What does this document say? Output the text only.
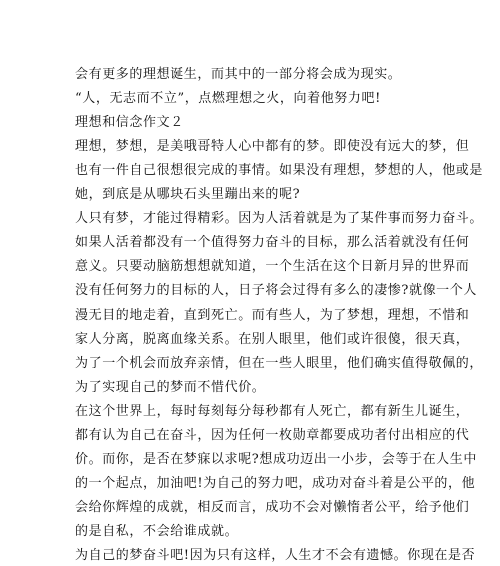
会有更多的理想诞生，而其中的一部分将会成为现实。
“人，无志而不立”，点燃理想之火，向着他努力吧!
理想和信念作文２
理想，梦想，是美哦哥特人心中都有的梦。即使没有远大的梦，但
也有一件自己很想很完成的事情。如果没有理想，梦想的人，他或是
她，到底是从哪块石头里蹦出来的呢?
人只有梦，才能过得精彩。因为人活着就是为了某件事而努力奋斗。
如果人活着都没有一个值得努力奋斗的目标，那么活着就没有任何
意义。只要动脑筋想想就知道，一个生活在这个日新月异的世界而
没有任何努力的目标的人，日子将会过得有多么的凄惨?就像一个人
漫无目的地走着，直到死亡。而有些人，为了梦想，理想，不惜和
家人分离，脱离血缘关系。在别人眼里，他们或许很傻，很天真，
为了一个机会而放弃亲情，但在一些人眼里，他们确实值得敬佩的，
为了实现自己的梦而不惜代价。
在这个世界上，每时每刻每分每秒都有人死亡，都有新生儿诞生，
都有认为自己在奋斗，因为任何一枚勋章都要成功者付出相应的代
价。而你，是否在梦寐以求呢?想成功迈出一小步，会等于在人生中
的一个起点，加油吧!为自己的努力吧，成功对奋斗着是公平的，他
会给你辉煌的成就，相反而言，成功不会对懒惰者公平，给予他们
的是自私，不会给谁成就。
为自己的梦奋斗吧!因为只有这样，人生才不会有遗憾。你现在是否
